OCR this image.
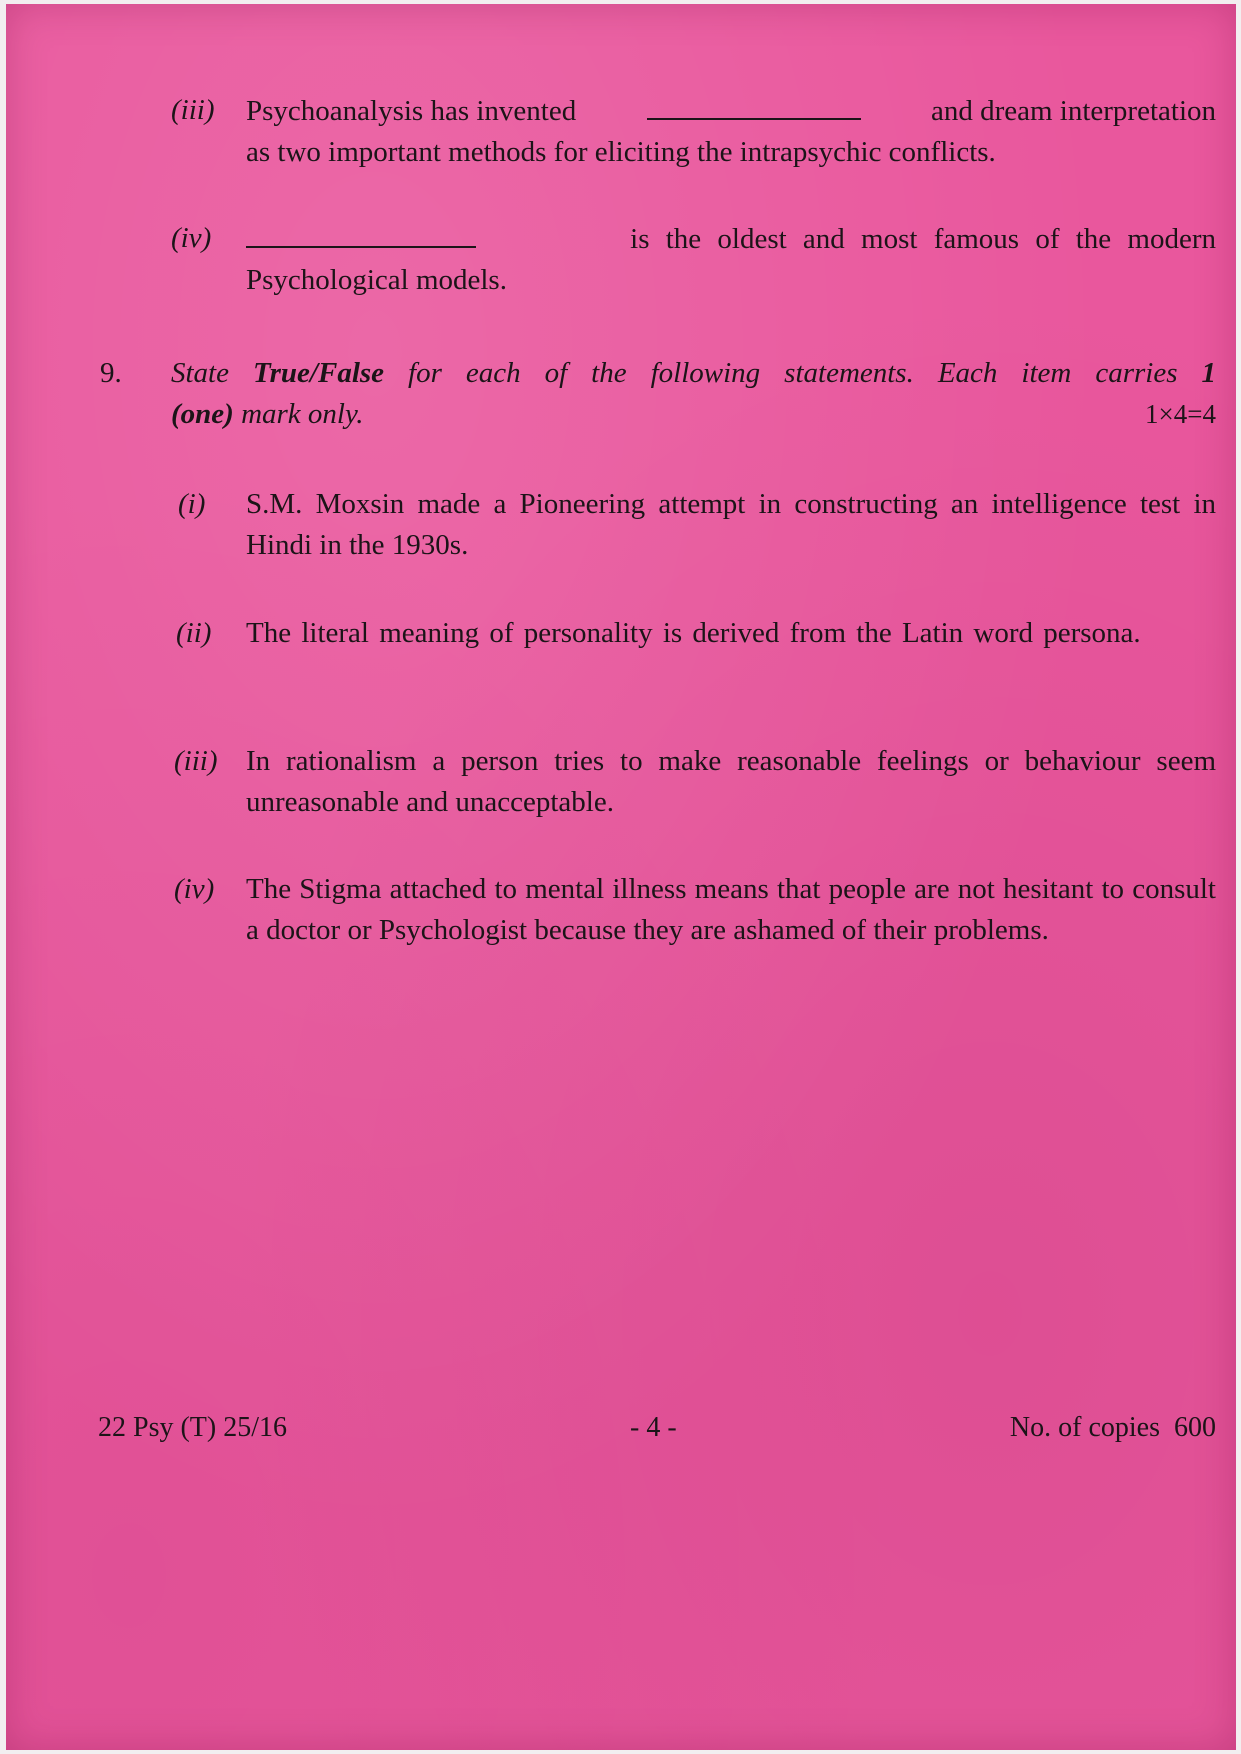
(iii) Psychoanalysis has invented	and dream interpretation
as two important methods for eliciting the intrapsychic conflicts.
(iv)	is the oldest and most famous of the modern
Psychological models.
9. State True/False for each of the following statements. Each item carries 1
(one) mark only.	1×4=4
(i) S.M. Moxsin made a Pioneering attempt in constructing an intelligence test in Hindi in the 1930s.
(ii) The literal meaning of personality is derived from the Latin word persona.
(iii) In rationalism a person tries to make reasonable feelings or behaviour seem unreasonable and unacceptable.
(iv) The Stigma attached to mental illness means that people are not hesitant to consult a doctor or Psychologist because they are ashamed of their problems.
22 Psy (T) 25/16	- 4 -	No. of copies  600
